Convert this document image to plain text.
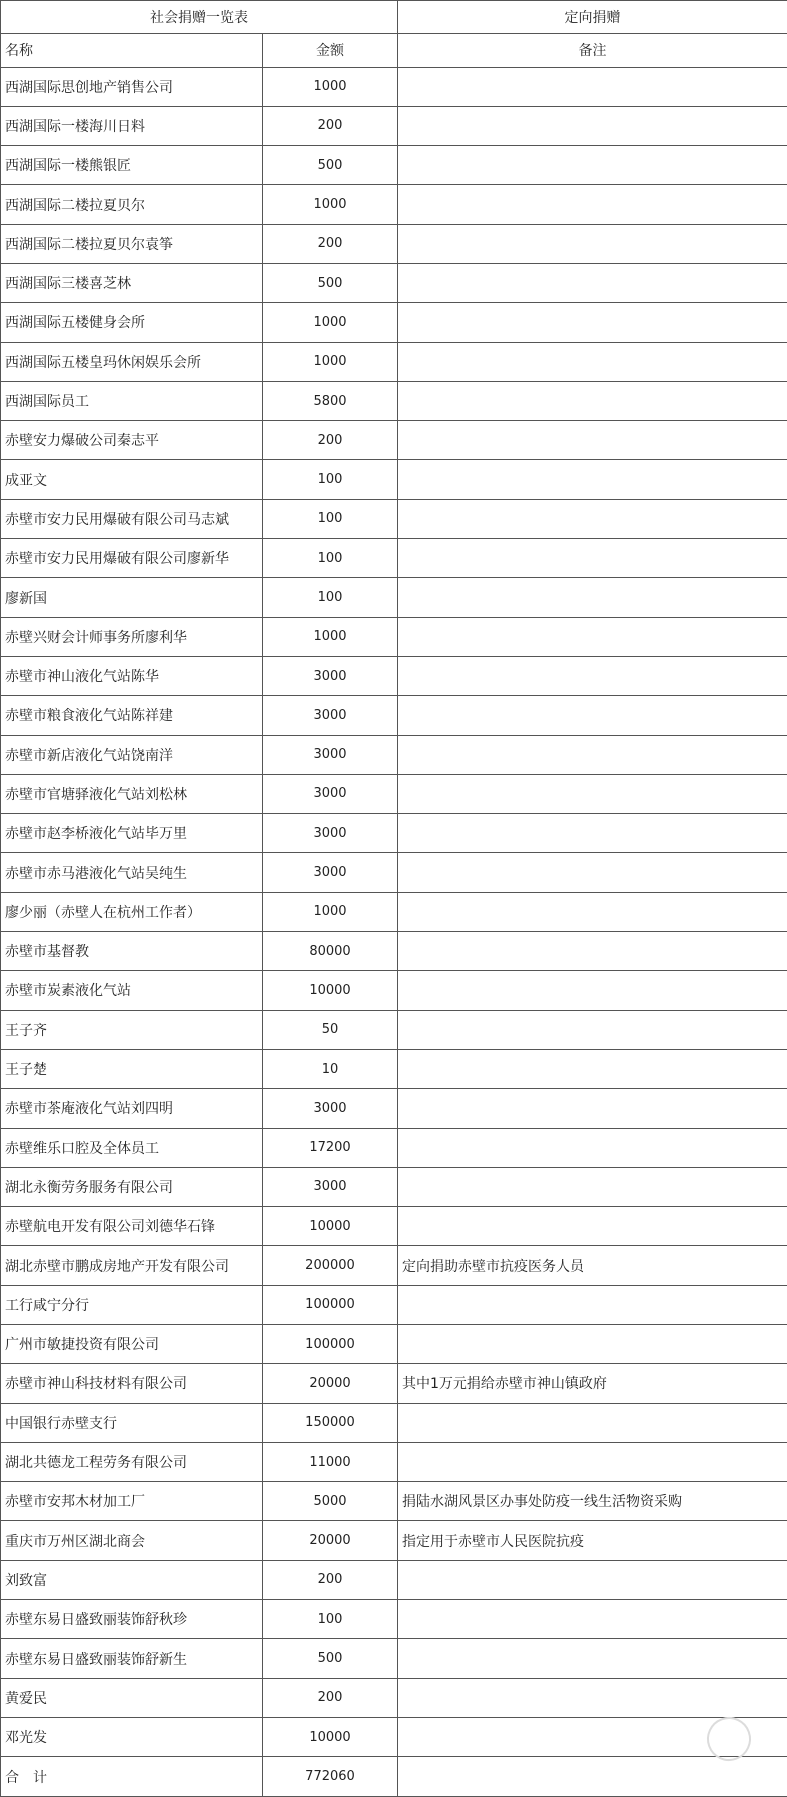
社会捐赠一览表		定向捐赠
名称	金额	备注
西湖国际思创地产销售公司	1000	
西湖国际一楼海川日料	200	
西湖国际一楼熊银匠	500	
西湖国际二楼拉夏贝尔	1000	
西湖国际二楼拉夏贝尔袁筝	200	
西湖国际三楼喜芝林	500	
西湖国际五楼健身会所	1000	
西湖国际五楼皇玛休闲娱乐会所	1000	
西湖国际员工	5800	
赤壁安力爆破公司秦志平	200	
成亚文	100	
赤壁市安力民用爆破有限公司马志斌	100	
赤壁市安力民用爆破有限公司廖新华	100	
廖新国	100	
赤壁兴财会计师事务所廖利华	1000	
赤壁市神山液化气站陈华	3000	
赤壁市粮食液化气站陈祥建	3000	
赤壁市新店液化气站饶南洋	3000	
赤壁市官塘驿液化气站刘松林	3000	
赤壁市赵李桥液化气站毕万里	3000	
赤壁市赤马港液化气站吴纯生	3000	
廖少丽（赤壁人在杭州工作者）	1000	
赤壁市基督教	80000	
赤壁市炭素液化气站	10000	
王子齐	50	
王子楚	10	
赤壁市茶庵液化气站刘四明	3000	
赤壁维乐口腔及全体员工	17200	
湖北永衡劳务服务有限公司	3000	
赤壁航电开发有限公司刘德华石锋	10000	
湖北赤壁市鹏成房地产开发有限公司	200000	定向捐助赤壁市抗疫医务人员
工行咸宁分行	100000	
广州市敏捷投资有限公司	100000	
赤壁市神山科技材料有限公司	20000	其中1万元捐给赤壁市神山镇政府
中国银行赤壁支行	150000	
湖北共德龙工程劳务有限公司	11000	
赤壁市安邦木材加工厂	5000	捐陆水湖风景区办事处防疫一线生活物资采购
重庆市万州区湖北商会	20000	指定用于赤壁市人民医院抗疫
刘致富	200	
赤壁东易日盛致丽装饰舒秋珍	100	
赤壁东易日盛致丽装饰舒新生	500	
黄爱民	200	
邓光发	10000	
合　计	772060	
